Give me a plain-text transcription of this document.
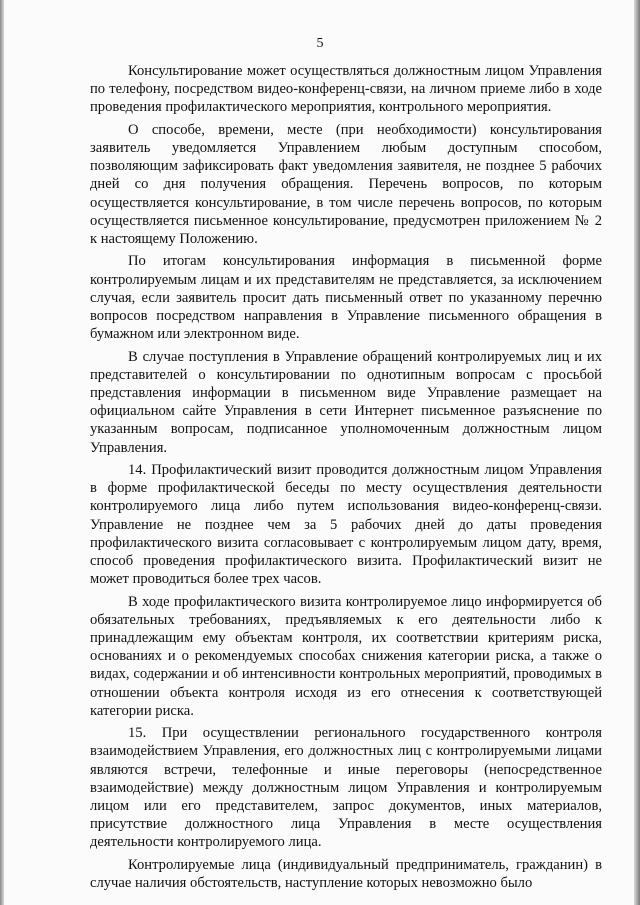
5

Консультирование может осуществляться должностным лицом Управления по телефону, посредством видео-конференц-связи, на личном приеме либо в ходе проведения профилактического мероприятия, контрольного мероприятия.

О способе, времени, месте (при необходимости) консультирования заявитель уведомляется Управлением любым доступным способом, позволяющим зафиксировать факт уведомления заявителя, не позднее 5 рабочих дней со дня получения обращения. Перечень вопросов, по которым осуществляется консультирование, в том числе перечень вопросов, по которым осуществляется письменное консультирование, предусмотрен приложением № 2 к настоящему Положению.

По итогам консультирования информация в письменной форме контролируемым лицам и их представителям не представляется, за исключением случая, если заявитель просит дать письменный ответ по указанному перечню вопросов посредством направления в Управление письменного обращения в бумажном или электронном виде.

В случае поступления в Управление обращений контролируемых лиц и их представителей о консультировании по однотипным вопросам с просьбой представления информации в письменном виде Управление размещает на официальном сайте Управления в сети Интернет письменное разъяснение по указанным вопросам, подписанное уполномоченным должностным лицом Управления.

14. Профилактический визит проводится должностным лицом Управления в форме профилактической беседы по месту осуществления деятельности контролируемого лица либо путем использования видео-конференц-связи. Управление не позднее чем за 5 рабочих дней до даты проведения профилактического визита согласовывает с контролируемым лицом дату, время, способ проведения профилактического визита. Профилактический визит не может проводиться более трех часов.

В ходе профилактического визита контролируемое лицо информируется об обязательных требованиях, предъявляемых к его деятельности либо к принадлежащим ему объектам контроля, их соответствии критериям риска, основаниях и о рекомендуемых способах снижения категории риска, а также о видах, содержании и об интенсивности контрольных мероприятий, проводимых в отношении объекта контроля исходя из его отнесения к соответствующей категории риска.

15. При осуществлении регионального государственного контроля взаимодействием Управления, его должностных лиц с контролируемыми лицами являются встречи, телефонные и иные переговоры (непосредственное взаимодействие) между должностным лицом Управления и контролируемым лицом или его представителем, запрос документов, иных материалов, присутствие должностного лица Управления в месте осуществления деятельности контролируемого лица.

Контролируемые лица (индивидуальный предприниматель, гражданин) в случае наличия обстоятельств, наступление которых невозможно было
